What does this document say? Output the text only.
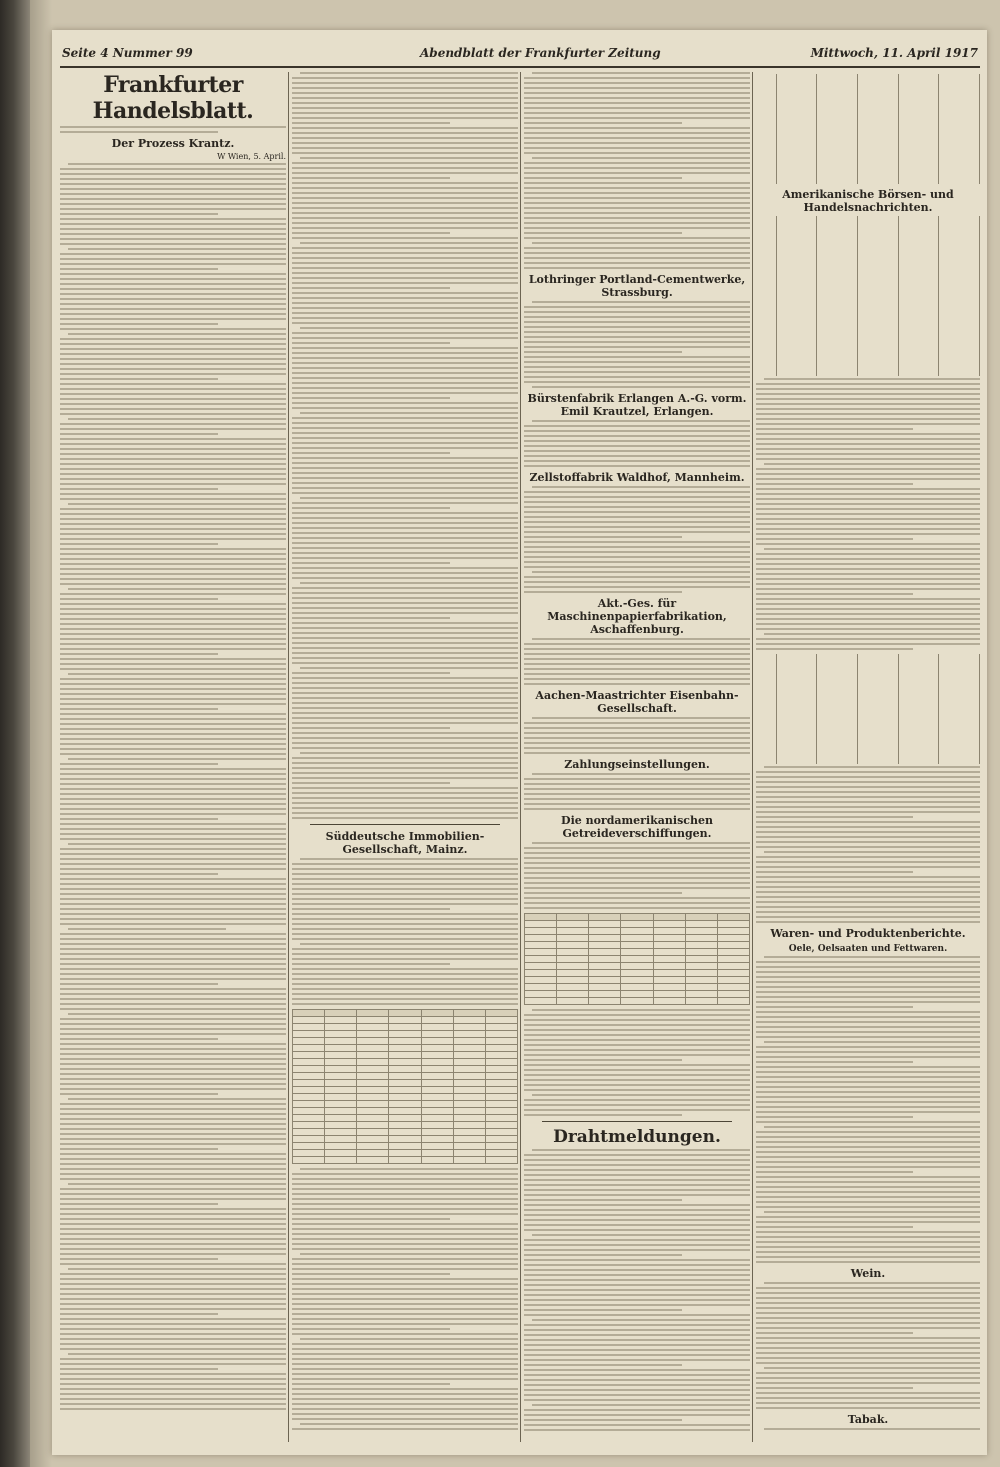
Seite 4 Nummer 99	Abendblatt der Frankfurter Zeitung	Mittwoch, 11. April 1917
Frankfurter Handelsblatt.
Der Prozess Krantz.
W Wien, 5. April.
Süddeutsche Immobilien-Gesellschaft, Mainz.

Lothringer Portland-Cementwerke, Strassburg.
Bürstenfabrik Erlangen A.-G. vorm. Emil Krautzel, Erlangen.
Zellstoffabrik Waldhof, Mannheim.
Akt.-Ges. für Maschinenpapierfabrikation, Aschaffenburg.
Aachen-Maastrichter Eisenbahn-Gesellschaft.
Zahlungseinstellungen.
Die nordamerikanischen Getreideverschiffungen.

Drahtmeldungen.

Amerikanische Börsen- und Handelsnachrichten.

Waren- und Produktenberichte.
Oele, Oelsaaten und Fettwaren.
Wein.
Tabak.
